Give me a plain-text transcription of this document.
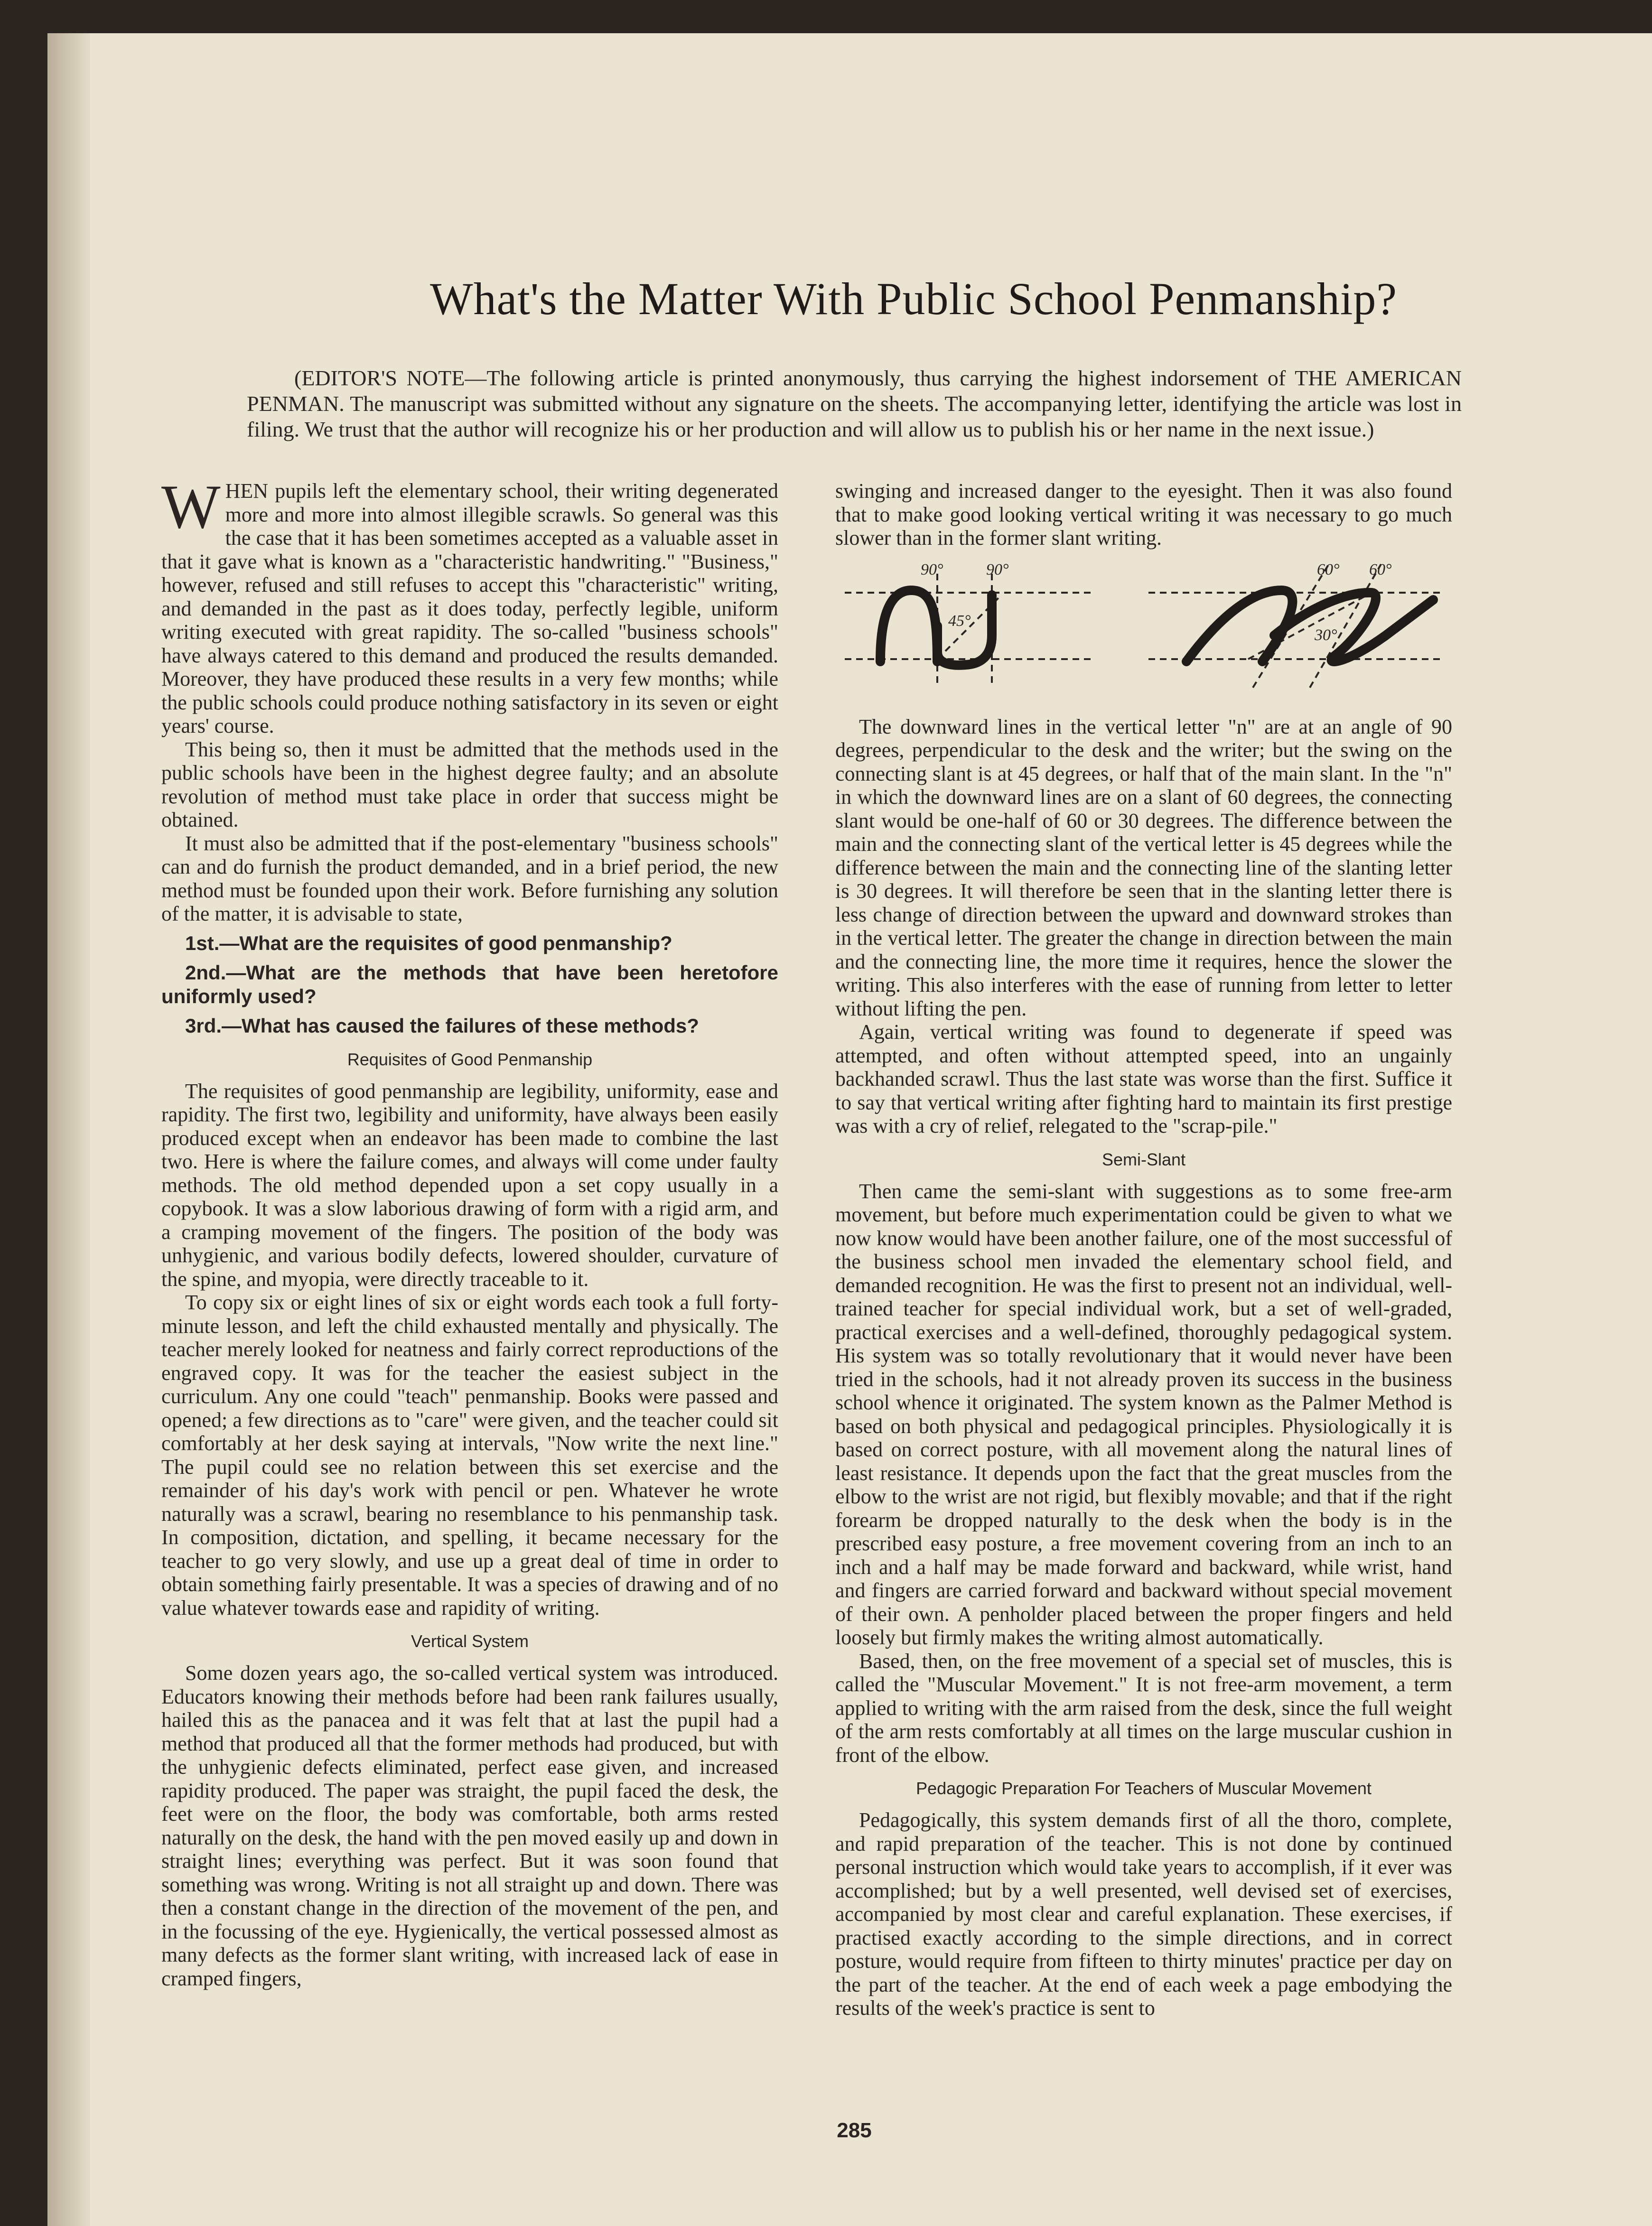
What's the Matter With Public School Penmanship?

(EDITOR'S NOTE—The following article is printed anonymously, thus carrying the highest indorsement of THE AMERICAN PENMAN. The manuscript was submitted without any signature on the sheets. The accompanying letter, identifying the article was lost in filing. We trust that the author will recognize his or her production and will allow us to publish his or her name in the next issue.)

WHEN pupils left the elementary school, their writing degenerated more and more into almost illegible scrawls. So general was this the case that it has been sometimes accepted as a valuable asset in that it gave what is known as a "characteristic handwriting." "Business," however, refused and still refuses to accept this "characteristic" writing, and demanded in the past as it does today, perfectly legible, uniform writing executed with great rapidity. The so-called "business schools" have always catered to this demand and produced the results demanded. Moreover, they have produced these results in a very few months; while the public schools could produce nothing satisfactory in its seven or eight years' course.

This being so, then it must be admitted that the methods used in the public schools have been in the highest degree faulty; and an absolute revolution of method must take place in order that success might be obtained.

It must also be admitted that if the post-elementary "business schools" can and do furnish the product demanded, and in a brief period, the new method must be founded upon their work. Before furnishing any solution of the matter, it is advisable to state,

1st.—What are the requisites of good penmanship?

2nd.—What are the methods that have been heretofore uniformly used?

3rd.—What has caused the failures of these methods?

Requisites of Good Penmanship

The requisites of good penmanship are legibility, uniformity, ease and rapidity. The first two, legibility and uniformity, have always been easily produced except when an endeavor has been made to combine the last two. Here is where the failure comes, and always will come under faulty methods. The old method depended upon a set copy usually in a copybook. It was a slow laborious drawing of form with a rigid arm, and a cramping movement of the fingers. The position of the body was unhygienic, and various bodily defects, lowered shoulder, curvature of the spine, and myopia, were directly traceable to it.

To copy six or eight lines of six or eight words each took a full forty-minute lesson, and left the child exhausted mentally and physically. The teacher merely looked for neatness and fairly correct reproductions of the engraved copy. It was for the teacher the easiest subject in the curriculum. Any one could "teach" penmanship. Books were passed and opened; a few directions as to "care" were given, and the teacher could sit comfortably at her desk saying at intervals, "Now write the next line." The pupil could see no relation between this set exercise and the remainder of his day's work with pencil or pen. Whatever he wrote naturally was a scrawl, bearing no resemblance to his penmanship task. In composition, dictation, and spelling, it became necessary for the teacher to go very slowly, and use up a great deal of time in order to obtain something fairly presentable. It was a species of drawing and of no value whatever towards ease and rapidity of writing.

Vertical System

Some dozen years ago, the so-called vertical system was introduced. Educators knowing their methods before had been rank failures usually, hailed this as the panacea and it was felt that at last the pupil had a method that produced all that the former methods had produced, but with the unhygienic defects eliminated, perfect ease given, and increased rapidity produced. The paper was straight, the pupil faced the desk, the feet were on the floor, the body was comfortable, both arms rested naturally on the desk, the hand with the pen moved easily up and down in straight lines; everything was perfect. But it was soon found that something was wrong. Writing is not all straight up and down. There was then a constant change in the direction of the movement of the pen, and in the focussing of the eye. Hygienically, the vertical possessed almost as many defects as the former slant writing, with increased lack of ease in cramped fingers,

swinging and increased danger to the eyesight. Then it was also found that to make good looking vertical writing it was necessary to go much slower than in the former slant writing.

90°	90°
45°
60° 60°
30°

The downward lines in the vertical letter "n" are at an angle of 90 degrees, perpendicular to the desk and the writer; but the swing on the connecting slant is at 45 degrees, or half that of the main slant. In the "n" in which the downward lines are on a slant of 60 degrees, the connecting slant would be one-half of 60 or 30 degrees. The difference between the main and the connecting slant of the vertical letter is 45 degrees while the difference between the main and the connecting line of the slanting letter is 30 degrees. It will therefore be seen that in the slanting letter there is less change of direction between the upward and downward strokes than in the vertical letter. The greater the change in direction between the main and the connecting line, the more time it requires, hence the slower the writing. This also interferes with the ease of running from letter to letter without lifting the pen.

Again, vertical writing was found to degenerate if speed was attempted, and often without attempted speed, into an ungainly backhanded scrawl. Thus the last state was worse than the first. Suffice it to say that vertical writing after fighting hard to maintain its first prestige was with a cry of relief, relegated to the "scrap-pile."

Semi-Slant

Then came the semi-slant with suggestions as to some free-arm movement, but before much experimentation could be given to what we now know would have been another failure, one of the most successful of the business school men invaded the elementary school field, and demanded recognition. He was the first to present not an individual, well-trained teacher for special individual work, but a set of well-graded, practical exercises and a well-defined, thoroughly pedagogical system. His system was so totally revolutionary that it would never have been tried in the schools, had it not already proven its success in the business school whence it originated. The system known as the Palmer Method is based on both physical and pedagogical principles. Physiologically it is based on correct posture, with all movement along the natural lines of least resistance. It depends upon the fact that the great muscles from the elbow to the wrist are not rigid, but flexibly movable; and that if the right forearm be dropped naturally to the desk when the body is in the prescribed easy posture, a free movement covering from an inch to an inch and a half may be made forward and backward, while wrist, hand and fingers are carried forward and backward without special movement of their own. A penholder placed between the proper fingers and held loosely but firmly makes the writing almost automatically.

Based, then, on the free movement of a special set of muscles, this is called the "Muscular Movement." It is not free-arm movement, a term applied to writing with the arm raised from the desk, since the full weight of the arm rests comfortably at all times on the large muscular cushion in front of the elbow.

Pedagogic Preparation For Teachers of Muscular Movement

Pedagogically, this system demands first of all the thoro, complete, and rapid preparation of the teacher. This is not done by continued personal instruction which would take years to accomplish, if it ever was accomplished; but by a well presented, well devised set of exercises, accompanied by most clear and careful explanation. These exercises, if practised exactly according to the simple directions, and in correct posture, would require from fifteen to thirty minutes' practice per day on the part of the teacher. At the end of each week a page embodying the results of the week's practice is sent to

285
